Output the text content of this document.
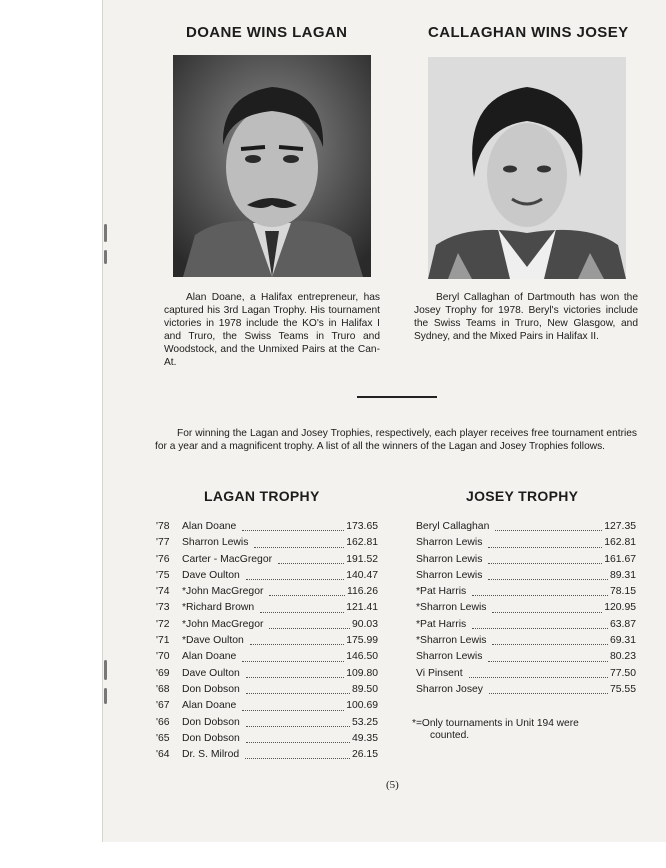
DOANE WINS LAGAN
Alan Doane, a Halifax entrepreneur, has captured his 3rd Lagan Trophy. His tournament victories in 1978 include the KO's in Halifax I and Truro, the Swiss Teams in Truro and Woodstock, and the Unmixed Pairs at the Can-At.
CALLAGHAN WINS JOSEY
Beryl Callaghan of Dartmouth has won the Josey Trophy for 1978. Beryl's victories include the Swiss Teams in Truro, New Glasgow, and Sydney, and the Mixed Pairs in Halifax II.
For winning the Lagan and Josey Trophies, respectively, each player receives free tournament entries for a year and a magnificent trophy. A list of all the winners of the Lagan and Josey Trophies follows.
LAGAN TROPHY
'78 Alan Doane	173.65
'77 Sharron Lewis	162.81
'76 Carter - MacGregor	191.52
'75 Dave Oulton	140.47
'74 *John MacGregor	116.26
'73 *Richard Brown	121.41
'72 *John MacGregor	90.03
'71 *Dave Oulton	175.99
'70 Alan Doane	146.50
'69 Dave Oulton	109.80
'68 Don Dobson	89.50
'67 Alan Doane	100.69
'66 Don Dobson	53.25
'65 Don Dobson	49.35
'64 Dr. S. Milrod	26.15
JOSEY TROPHY
Beryl Callaghan	127.35
Sharron Lewis	162.81
Sharron Lewis	161.67
Sharron Lewis	89.31
*Pat Harris	78.15
*Sharron Lewis	120.95
*Pat Harris	63.87
*Sharron Lewis	69.31
Sharron Lewis	80.23
Vi Pinsent	77.50
Sharron Josey	75.55
*=Only tournaments in Unit 194 were
counted.
(5)
